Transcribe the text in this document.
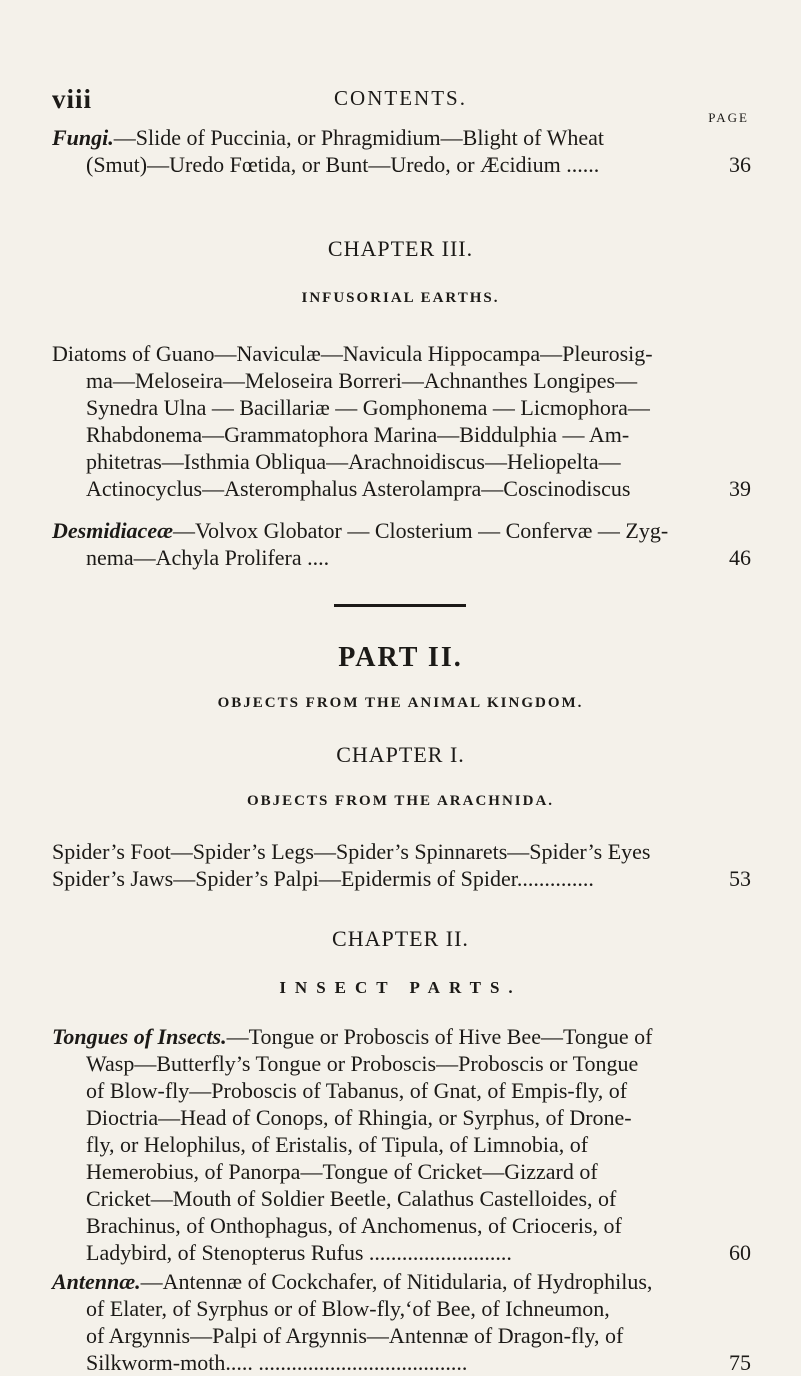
viii	CONTENTS.
PAGE
Fungi.—Slide of Puccinia, or Phragmidium—Blight of Wheat
(Smut)—Uredo Fœtida, or Bunt—Uredo, or Æcidium ......	36
CHAPTER III.
INFUSORIAL EARTHS.
Diatoms of Guano—Naviculæ—Navicula Hippocampa—Pleurosig-
ma—Meloseira—Meloseira Borreri—Achnanthes Longipes—
Synedra Ulna — Bacillariæ — Gomphonema — Licmophora—
Rhabdonema—Grammatophora Marina—Biddulphia — Am-
phitetras—Isthmia Obliqua—Arachnoidiscus—Heliopelta—
Actinocyclus—Asteromphalus Asterolampra—Coscinodiscus	39
Desmidiaceæ—Volvox Globator — Closterium — Confervæ — Zyg-
nema—Achyla Prolifera ....	46
PART II.
OBJECTS FROM THE ANIMAL KINGDOM.
CHAPTER I.
OBJECTS FROM THE ARACHNIDA.
Spider’s Foot—Spider’s Legs—Spider’s Spinnarets—Spider’s Eyes
Spider’s Jaws—Spider’s Palpi—Epidermis of Spider..............	53
CHAPTER II.
INSECT PARTS.
Tongues of Insects.—Tongue or Proboscis of Hive Bee—Tongue of
Wasp—Butterfly’s Tongue or Proboscis—Proboscis or Tongue
of Blow-fly—Proboscis of Tabanus, of Gnat, of Empis-fly, of
Dioctria—Head of Conops, of Rhingia, or Syrphus, of Drone-
fly, or Helophilus, of Eristalis, of Tipula, of Limnobia, of
Hemerobius, of Panorpa—Tongue of Cricket—Gizzard of
Cricket—Mouth of Soldier Beetle, Calathus Castelloides, of
Brachinus, of Onthophagus, of Anchomenus, of Crioceris, of
Ladybird, of Stenopterus Rufus ..........................	60
Antennæ.—Antennæ of Cockchafer, of Nitidularia, of Hydrophilus,
of Elater, of Syrphus or of Blow-fly,‘of Bee, of Ichneumon,
of Argynnis—Palpi of Argynnis—Antennæ of Dragon-fly, of
Silkworm-moth..... ......................................	75
